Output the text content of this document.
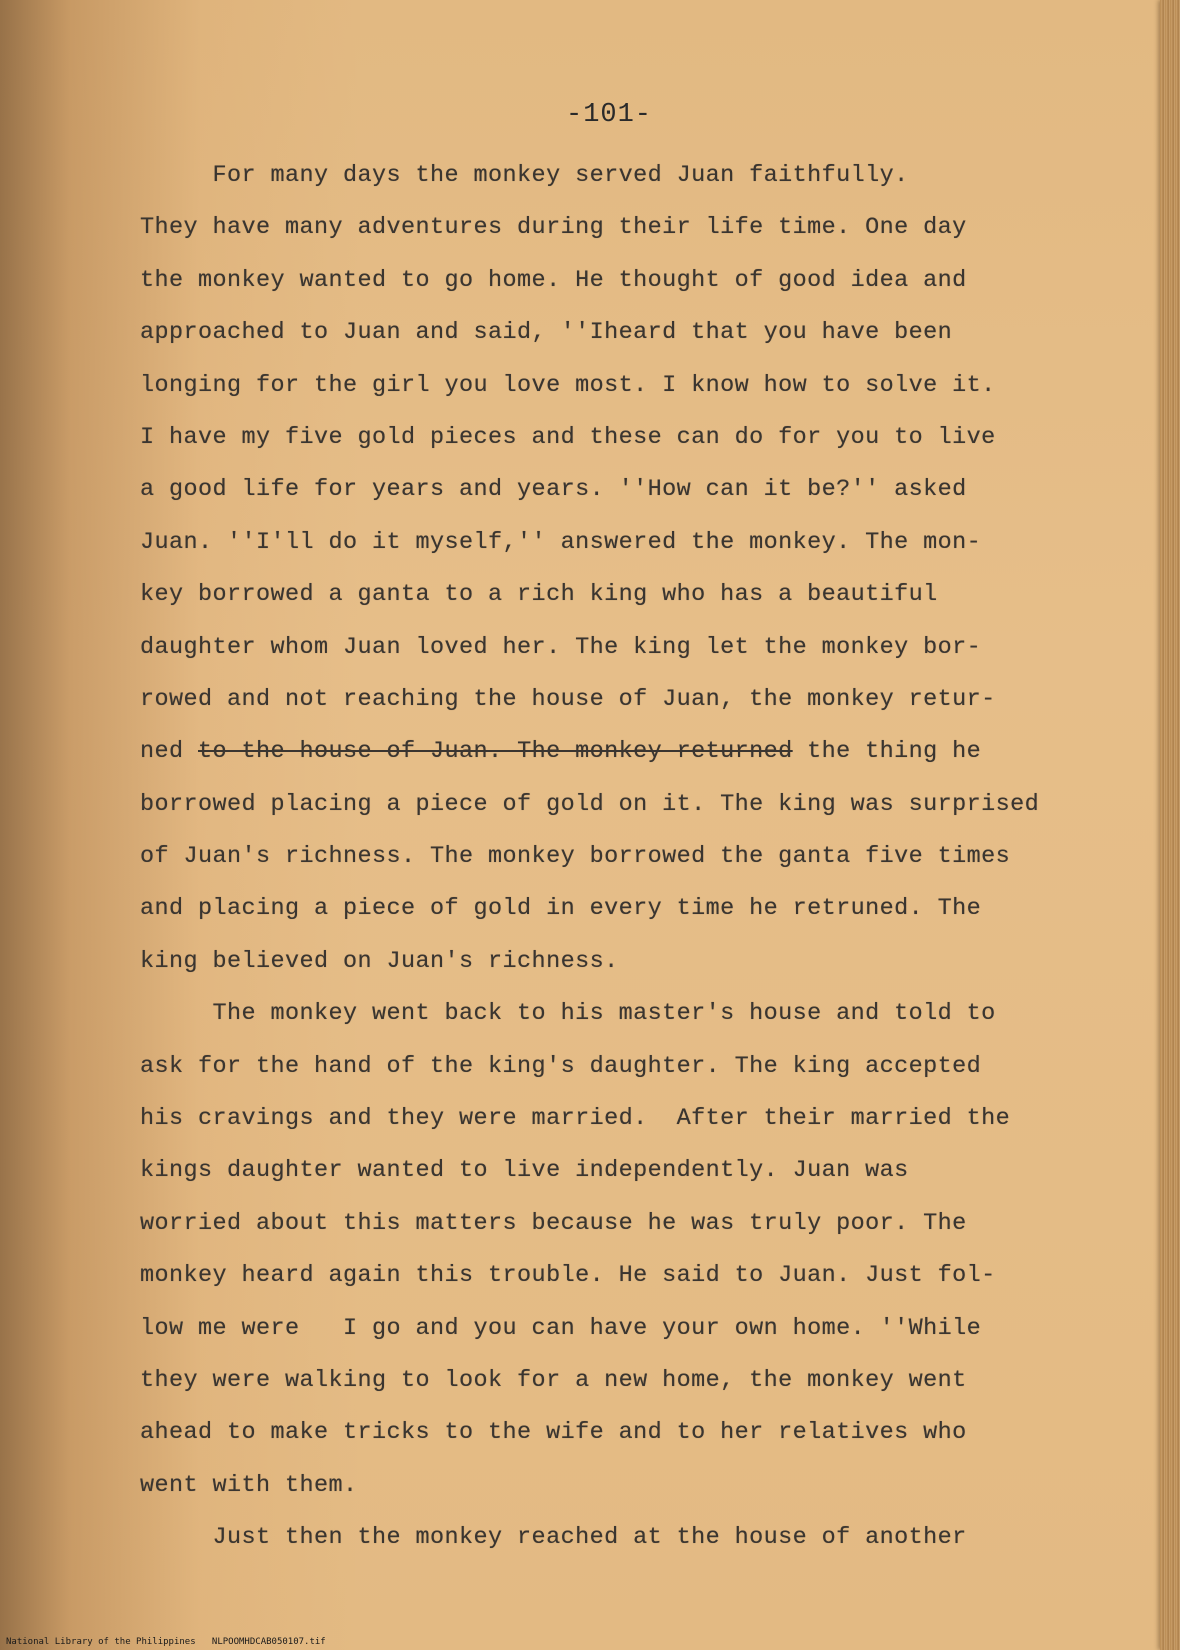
-101-
For many days the monkey served Juan faithfully.
They have many adventures during their life time. One day
the monkey wanted to go home. He thought of good idea and
approached to Juan and said, ''Iheard that you have been
longing for the girl you love most. I know how to solve it.
I have my five gold pieces and these can do for you to live
a good life for years and years. ''How can it be?'' asked
Juan. ''I'll do it myself,'' answered the monkey. The mon-
key borrowed a ganta to a rich king who has a beautiful
daughter whom Juan loved her. The king let the monkey bor-
rowed and not reaching the house of Juan, the monkey retur-
ned to the house of Juan. The monkey returned the thing he
borrowed placing a piece of gold on it. The king was surprised
of Juan's richness. The monkey borrowed the ganta five times
and placing a piece of gold in every time he retruned. The
king believed on Juan's richness.
The monkey went back to his master's house and told to
ask for the hand of the king's daughter. The king accepted
his cravings and they were married.  After their married the
kings daughter wanted to live independently. Juan was
worried about this matters because he was truly poor. The
monkey heard again this trouble. He said to Juan. Just fol-
low me were   I go and you can have your own home. ''While
they were walking to look for a new home, the monkey went
ahead to make tricks to the wife and to her relatives who
went with them.
Just then the monkey reached at the house of another
National Library of the Philippines NLPOOMHDCAB050107.tif
